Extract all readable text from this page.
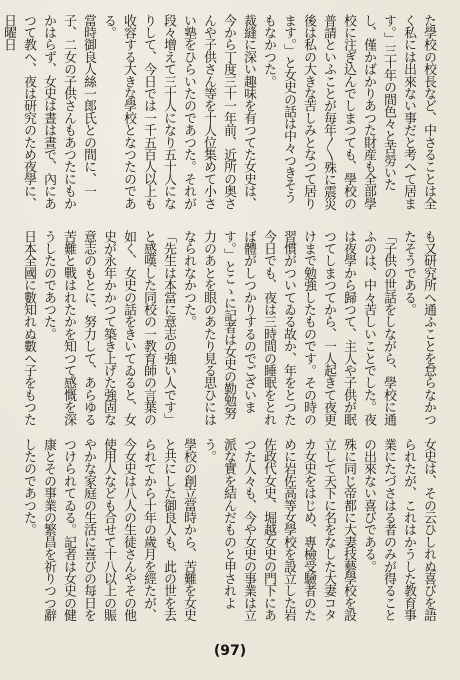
た學校の校長など、中さることは全く私には出來ない事だと考へて居ます。」三十年の間色々と苦勞いたし、僅かばかりあつた財産も全部學校に注ぎ込んでしまつても、學校の普請といふことが毎年〳〵殊に震災後は私の大きな苦しみとなつて居ります。」と女史の話は中々つきそうもなかつた。
裁縫に深い趣味を有つてた女史は、今から丁度三十一年前、近所の奥さんや子供さん等を十人位集めて小さい塾をひらいたのであつた。それが段々增えて三十人になり五十人になりして、今日では一千五百人以上も收容する大きな學校となつたのである。
當時御良人絲一郎氏との間に、一子、二女の子供さんもあつたにもかかはらず、女史は晝は晝で、內にあつて教へ、夜は研究のため夜學に、日曜日
も又研究所へ通ふことを怠らなかつたそうである。
「子供の世話をしながら、學校に通ふのは、中々苦しいことでした。夜は夜學から歸つて、主人や子供が眠つてしまつてから、一人起きて夜更けまで勉強したものです。その時の習慣がついてゐる故か、年をとつた今日でも、夜は三時間の睡眠をとれば體がしつかりするのでございます。」とこゝに記者は女史の勤勉努力のあとを眼のあたり見る思ひにはなられなかつた。
「先生は本當に意志の強い人です」と感嘆した同校の一教育師の言葉の如く、女史の話をきいてゐると、女史が永年かかつて築き上げた強固な意志のもとに、努力して、あらゆる苦難と戰はれたかを知つて感慨を深うしたのであつた。
日本全國に數知れぬ數へ子をもつた
女史は、その云ひしれぬ喜びを語られたが、これはかうした教育事業にたづさはる者のみが得ることの出來ない喜びである。
殊に同じ帝都に大妻技藝學校を設立して天下に名をなした大妻コタカ女史をはじめ、專檢受驗者のために岩佐高等女學校を設立した岩佐政代女史、堀越女史の門下にあつた人々も、今や女史の事業は立派な實を結んだものと申されよう。
學校の創立當時から、苦難を女史と共にした御良人も、此の世を去られてから十年の歲月を經たが、今女史は八人の生徒さんやその他使用人なども合せて十八以上の賑やかな家庭の生活に喜びの每日をつけられてゐる。記者は女史の健康とその事業の繁昌を祈りつつ辭したのであつた。
(97)
